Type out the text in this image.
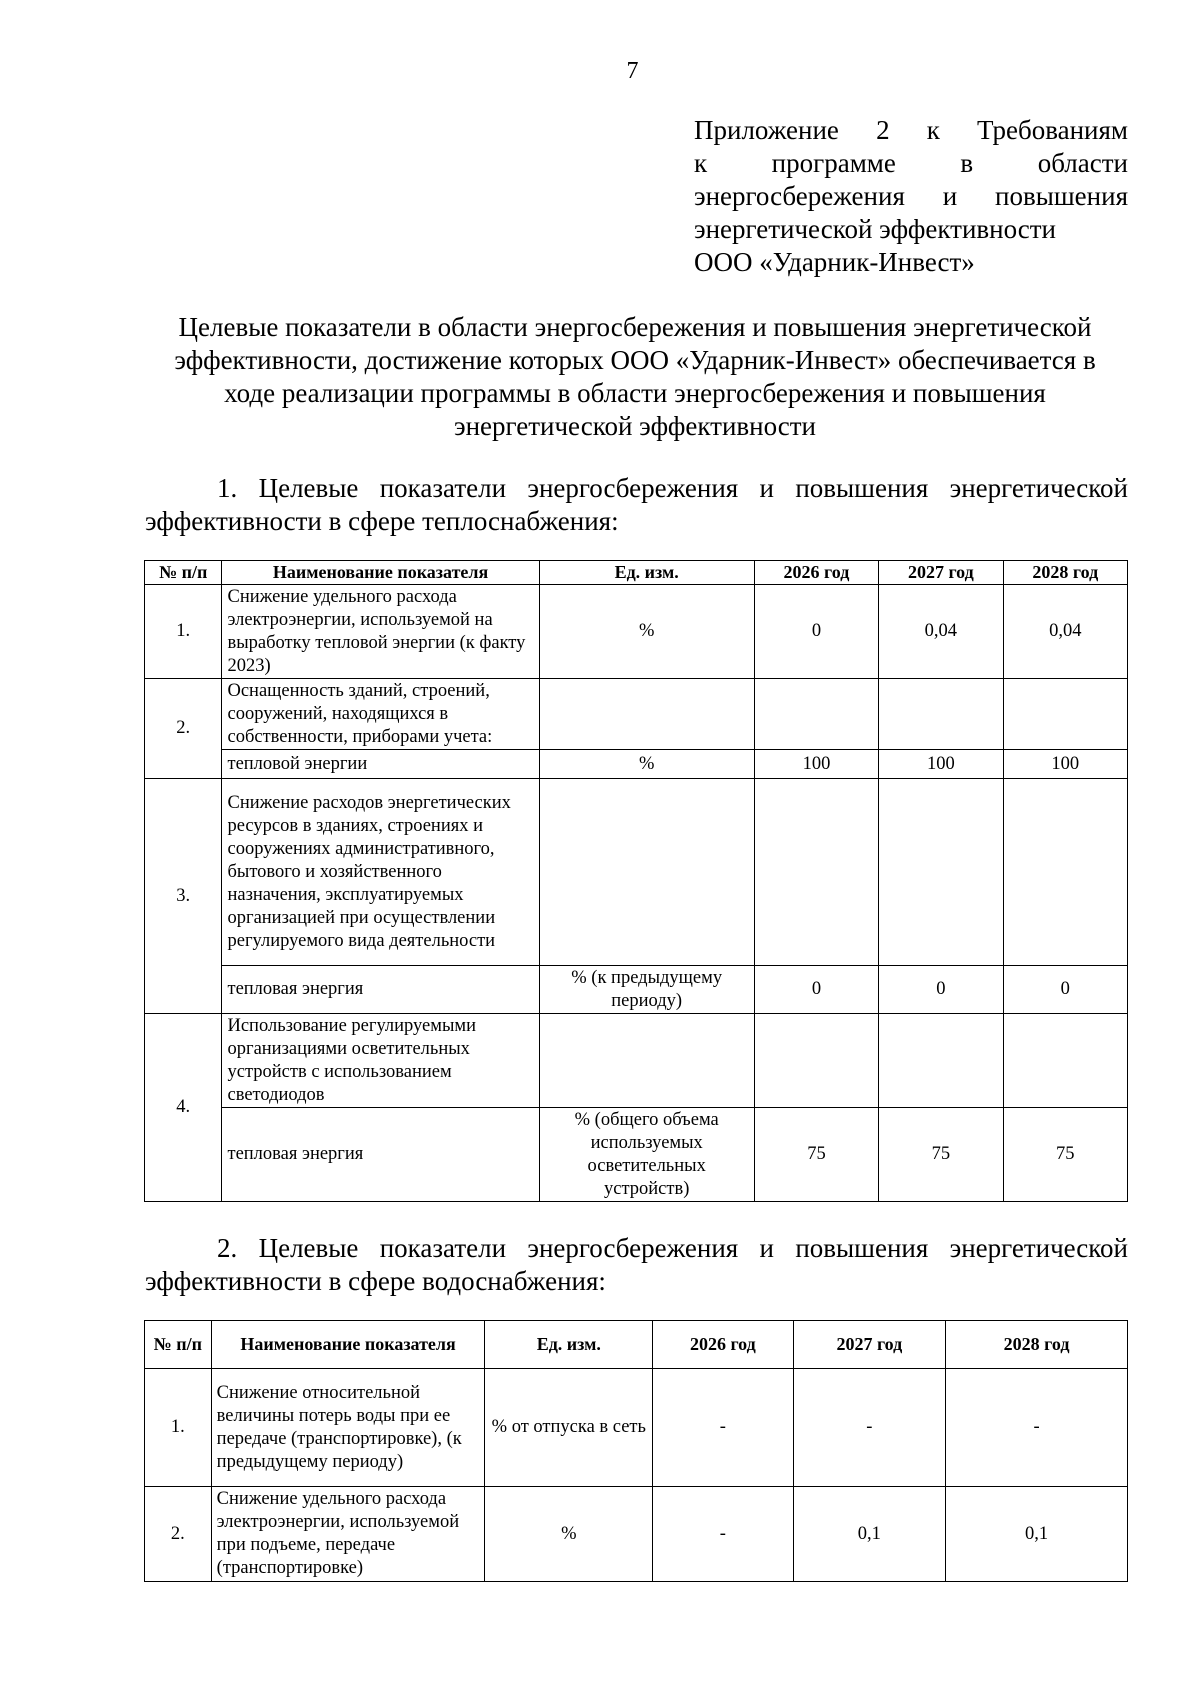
7
Приложение 2 к Требованиям
к программе в области
энергосбережения и повышения
энергетической эффективности
ООО «Ударник-Инвест»
Целевые показатели в области энергосбережения и повышения энергетической
эффективности, достижение которых ООО «Ударник-Инвест» обеспечивается в
ходе реализации программы в области энергосбережения и повышения
энергетической эффективности
1. Целевые показатели энергосбережения и повышения энергетической
эффективности в сфере теплоснабжения:
№ п/п	Наименование показателя	Ед. изм.	2026 год	2027 год	2028 год
1.	Снижение удельного расхода электроэнергии, используемой на выработку тепловой энергии (к факту 2023)	%	0	0,04	0,04
2.	Оснащенность зданий, строений, сооружений, находящихся в собственности, приборами учета:				
	тепловой энергии	%	100	100	100
3.	Снижение расходов энергетических ресурсов в зданиях, строениях и сооружениях административного, бытового и хозяйственного назначения, эксплуатируемых организацией при осуществлении регулируемого вида деятельности				
	тепловая энергия	% (к предыдущему периоду)	0	0	0
4.	Использование регулируемыми организациями осветительных устройств с использованием светодиодов				
	тепловая энергия	% (общего объема используемых осветительных устройств)	75	75	75
2. Целевые показатели энергосбережения и повышения энергетической
эффективности в сфере водоснабжения:
№ п/п	Наименование показателя	Ед. изм.	2026 год	2027 год	2028 год
1.	Снижение относительной величины потерь воды при ее передаче (транспортировке), (к предыдущему периоду)	% от отпуска в сеть	-	-	-
2.	Снижение удельного расхода электроэнергии, используемой при подъеме, передаче (транспортировке)	%	-	0,1	0,1
